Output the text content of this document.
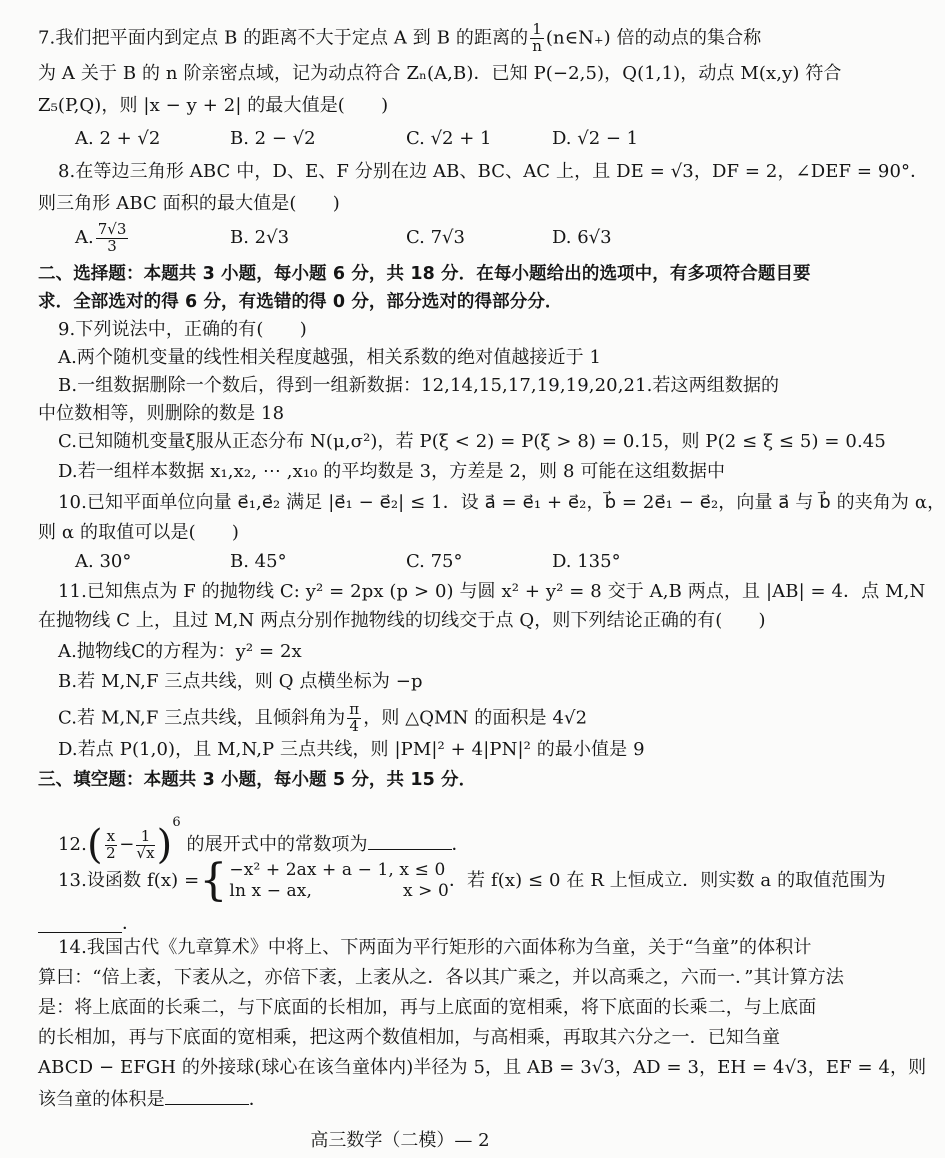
7.我们把平面内到定点 B 的距离不大于定点 A 到 B 的距离的 $\frac{1}{n}$ (n∈N₊) 倍的动点的集合称
为 A 关于 B 的 n 阶亲密点域，记为动点符合 Zₙ(A,B)．已知 P(−2,5)，Q(1,1)，动点 M(x,y) 符合
Z₅(P,Q)，则 |x − y + 2| 的最大值是(　　)
A. 2 + √2	B. 2 − √2	C. √2 + 1	D. √2 − 1
8.在等边三角形 ABC 中，D、E、F 分别在边 AB、BC、AC 上，且 DE = √3，DF = 2，∠DEF = 90°．
则三角形 ABC 面积的最大值是(　　)
A. $\frac{7√3}{3}$	B. 2√3	C. 7√3	D. 6√3
二、选择题：本题共 3 小题，每小题 6 分，共 18 分．在每小题给出的选项中，有多项符合题目要
求．全部选对的得 6 分，有选错的得 0 分，部分选对的得部分分．
9.下列说法中，正确的有(　　)
A.两个随机变量的线性相关程度越强，相关系数的绝对值越接近于 1
B.一组数据删除一个数后，得到一组新数据：12,14,15,17,19,19,20,21.若这两组数据的
中位数相等，则删除的数是 18
C.已知随机变量ξ服从正态分布 N(μ,σ²)，若 P(ξ < 2) = P(ξ > 8) = 0.15，则 P(2 ≤ ξ ≤ 5) = 0.45
D.若一组样本数据 x₁,x₂, ⋯ ,x₁₀ 的平均数是 3，方差是 2，则 8 可能在这组数据中
10.已知平面单位向量 e⃗₁,e⃗₂ 满足 |e⃗₁ − e⃗₂| ≤ 1．设 a⃗ = e⃗₁ + e⃗₂，b⃗ = 2e⃗₁ − e⃗₂，向量 a⃗ 与 b⃗ 的夹角为 α，
则 α 的取值可以是(　　)
A. 30°	B. 45°	C. 75°	D. 135°
11.已知焦点为 F 的抛物线 C: y² = 2px (p > 0) 与圆 x² + y² = 8 交于 A,B 两点，且 |AB| = 4．点 M,N
在抛物线 C 上，且过 M,N 两点分别作抛物线的切线交于点 Q，则下列结论正确的有(　　)
A.抛物线C的方程为：y² = 2x
B.若 M,N,F 三点共线，则 Q 点横坐标为 −p
C.若 M,N,F 三点共线，且倾斜角为 $\frac{\pi}{4}$ ，则 △QMN 的面积是 4√2
D.若点 P(1,0)，且 M,N,P 三点共线，则 |PM|² + 4|PN|² 的最小值是 9
三、填空题：本题共 3 小题，每小题 5 分，共 15 分．
$12.( \frac{x}{2} - \frac{1}{√x} )^6$ 的展开式中的常数项为	．
13.设函数 f(x) ={ −x² + 2ax + a − 1, x ≤ 0
ln x − ax,　　　　　 x > 0 ．若 f(x) ≤ 0 在 R 上恒成立．则实数 a 的取值范围为
．
14.我国古代《九章算术》中将上、下两面为平行矩形的六面体称为刍童，关于“刍童”的体积计
算曰：“倍上袤，下袤从之，亦倍下袤，上袤从之．各以其广乘之，并以高乘之，六而一．”其计算方法
是：将上底面的长乘二，与下底面的长相加，再与上底面的宽相乘，将下底面的长乘二，与上底面
的长相加，再与下底面的宽相乘，把这两个数值相加，与高相乘，再取其六分之一．已知刍童
ABCD − EFGH 的外接球(球心在该刍童体内)半径为 5，且 AB = 3√3，AD = 3，EH = 4√3，EF = 4，则
该刍童的体积是	．
高三数学（二模）— 2
